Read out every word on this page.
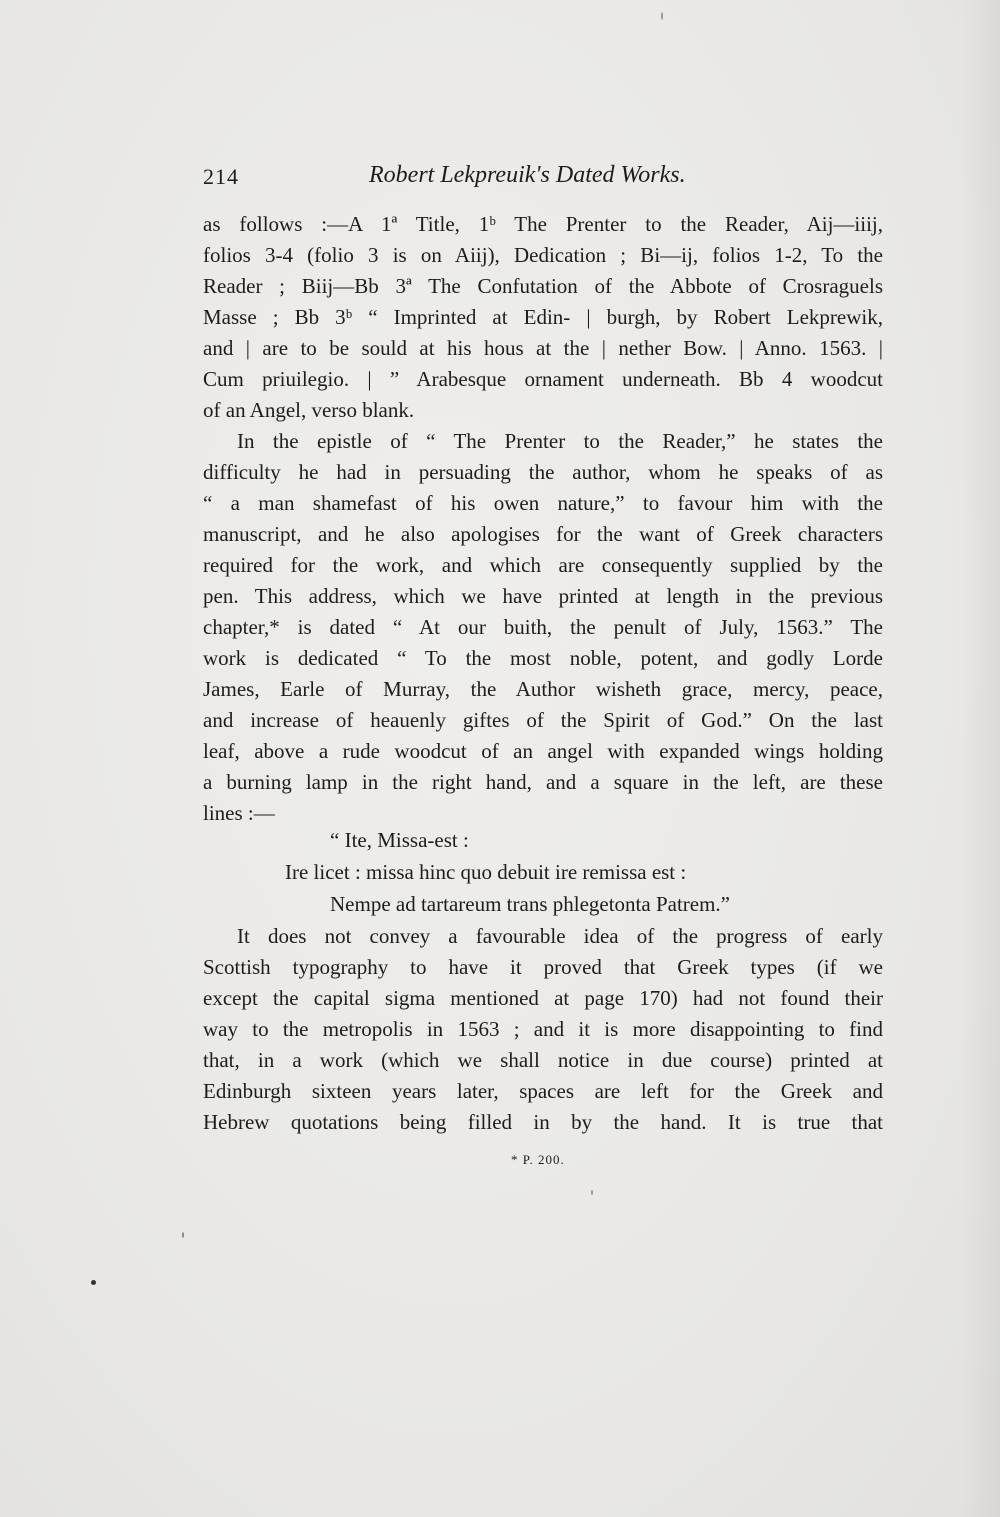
214	Robert Lekpreuik's Dated Works.
as follows :—A 1ª Title, 1ᵇ The Prenter to the Reader, Aij—iiij,
folios 3-4 (folio 3 is on Aiij), Dedication ; Bi—ij, folios 1-2, To the
Reader ; Biij—Bb 3ª The Confutation of the Abbote of Crosraguels
Masse ; Bb 3ᵇ “ Imprinted at Edin- | burgh, by Robert Lekprewik,
and | are to be sould at his hous at the | nether Bow. | Anno. 1563. |
Cum priuilegio. | ” Arabesque ornament underneath. Bb 4 woodcut
of an Angel, verso blank.
In the epistle of “ The Prenter to the Reader,” he states the
difficulty he had in persuading the author, whom he speaks of as
“ a man shamefast of his owen nature,” to favour him with the
manuscript, and he also apologises for the want of Greek characters
required for the work, and which are consequently supplied by the
pen. This address, which we have printed at length in the previous
chapter,* is dated “ At our buith, the penult of July, 1563.” The
work is dedicated “ To the most noble, potent, and godly Lorde
James, Earle of Murray, the Author wisheth grace, mercy, peace,
and increase of heauenly giftes of the Spirit of God.” On the last
leaf, above a rude woodcut of an angel with expanded wings holding
a burning lamp in the right hand, and a square in the left, are these
lines :—
“ Ite, Missa-est :
Ire licet : missa hinc quo debuit ire remissa est :
Nempe ad tartareum trans phlegetonta Patrem.”
It does not convey a favourable idea of the progress of early
Scottish typography to have it proved that Greek types (if we
except the capital sigma mentioned at page 170) had not found their
way to the metropolis in 1563 ; and it is more disappointing to find
that, in a work (which we shall notice in due course) printed at
Edinburgh sixteen years later, spaces are left for the Greek and
Hebrew quotations being filled in by the hand. It is true that
* P. 200.
